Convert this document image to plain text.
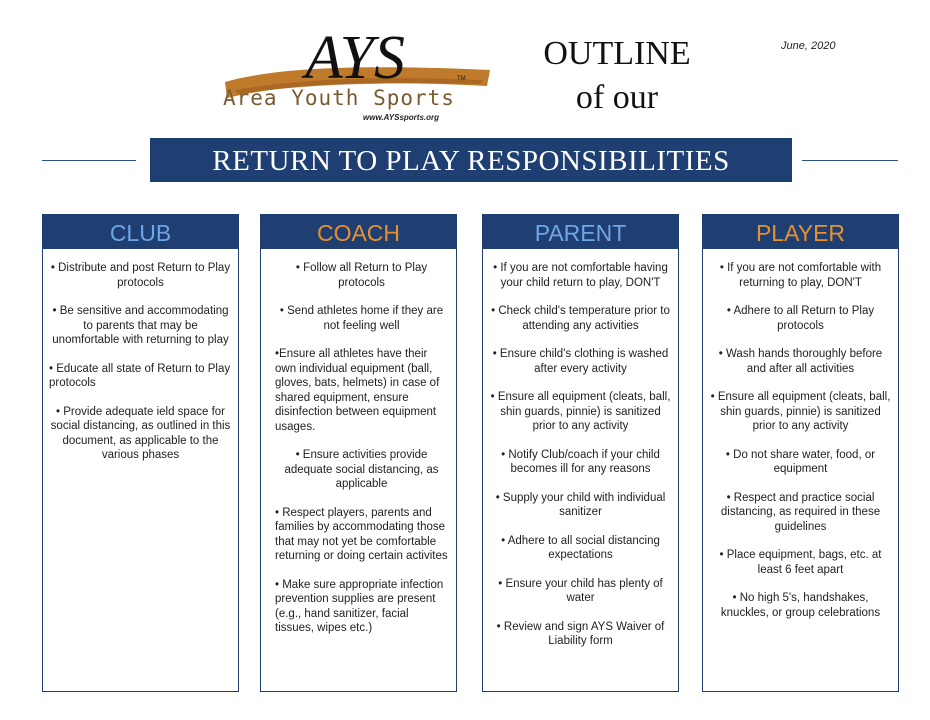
AYS	TM
Area Youth Sports
www.AYSsports.org
OUTLINE
of our
June, 2020
RETURN TO PLAY RESPONSIBILITIES
CLUB

• Distribute and post Return to Play protocols

• Be sensitive and accommodating to parents that may be unomfortable with returning to play

• Educate all state of Return to Play protocols

• Provide adequate ield space for social distancing, as outlined in this document, as applicable to the various phases

COACH

• Follow all Return to Play protocols

• Send athletes home if they are not feeling well

•Ensure all athletes have their own individual equipment (ball, gloves, bats, helmets) in case of shared equipment, ensure disinfection between equipment usages.

• Ensure activities provide adequate social distancing, as applicable

• Respect players, parents and families by accommodating those that may not yet be comfortable returning or doing certain activites

• Make sure appropriate infection prevention supplies are present (e.g., hand sanitizer, facial tissues, wipes etc.)

PARENT

• If you are not comfortable having your child return to play, DON'T

• Check child's temperature prior to attending any activities

• Ensure child's clothing is washed after every activity

• Ensure all equipment (cleats, ball, shin guards, pinnie) is sanitized prior to any activity

• Notify Club/coach if your child becomes ill for any reasons

• Supply your child with individual sanitizer

• Adhere to all social distancing expectations

• Ensure your child has plenty of water

• Review and sign AYS Waiver of Liability form

PLAYER

• If you are not comfortable with returning to play, DON'T

• Adhere to all Return to Play protocols

• Wash hands thoroughly before and after all activities

• Ensure all equipment (cleats, ball, shin guards, pinnie) is sanitized prior to any activity

• Do not share water, food, or equipment

• Respect and practice social distancing, as required in these guidelines

• Place equipment, bags, etc. at least 6 feet apart

• No high 5's, handshakes, knuckles, or group celebrations
